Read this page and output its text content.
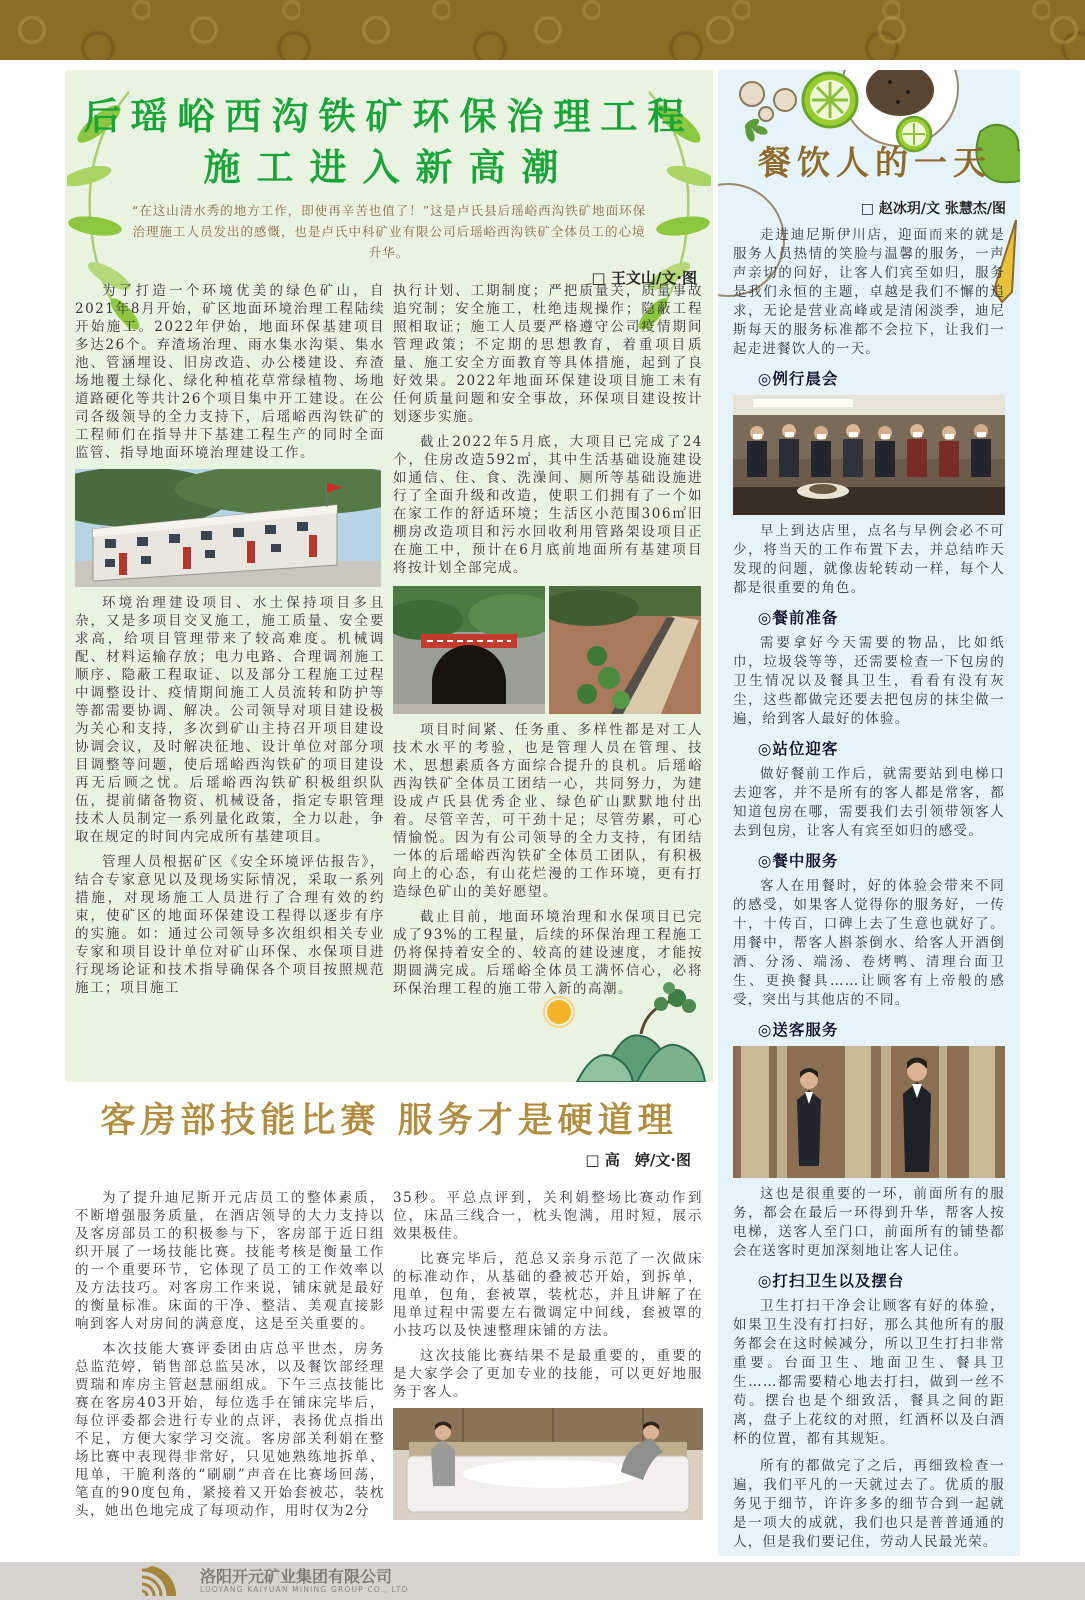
后瑶峪西沟铁矿环保治理工程
施工进入新高潮

“在这山清水秀的地方工作，即使再辛苦也值了！”这是卢氏县后瑶峪西沟铁矿地面环保治理施工人员发出的感慨，也是卢氏中科矿业有限公司后瑶峪西沟铁矿全体员工的心境升华。

□ 王文山/文·图

为了打造一个环境优美的绿色矿山，自2021年8月开始，矿区地面环境治理工程陆续开始施工。2022年伊始，地面环保基建项目多达26个。弃渣场治理、雨水集水沟渠、集水池、管涵埋设、旧房改造、办公楼建设、弃渣场地覆土绿化、绿化种植花草常绿植物、场地道路硬化等共计26个项目集中开工建设。在公司各级领导的全力支持下，后瑶峪西沟铁矿的工程师们在指导井下基建工程生产的同时全面监管、指导地面环境治理建设工作。

环境治理建设项目、水土保持项目多且杂，又是多项目交叉施工，施工质量、安全要求高，给项目管理带来了较高难度。机械调配、材料运输存放；电力电路、合理调剂施工顺序、隐蔽工程取证、以及部分工程施工过程中调整设计、疫情期间施工人员流转和防护等等都需要协调、解决。公司领导对项目建设极为关心和支持，多次到矿山主持召开项目建设协调会议，及时解决征地、设计单位对部分项目调整等问题，使后瑶峪西沟铁矿的项目建设再无后顾之忧。后瑶峪西沟铁矿积极组织队伍，提前储备物资、机械设备，指定专职管理技术人员制定一系列量化政策，全力以赴，争取在规定的时间内完成所有基建项目。

管理人员根据矿区《安全环境评估报告》，结合专家意见以及现场实际情况，采取一系列措施，对现场施工人员进行了合理有效的约束，使矿区的地面环保建设工程得以逐步有序的实施。如：通过公司领导多次组织相关专业专家和项目设计单位对矿山环保、水保项目进行现场论证和技术指导确保各个项目按照规范施工；项目施工

执行计划、工期制度；严把质量关，质量事故追究制；安全施工，杜绝违规操作；隐蔽工程照相取证；施工人员要严格遵守公司疫情期间管理政策；不定期的思想教育，着重项目质量、施工安全方面教育等具体措施，起到了良好效果。2022年地面环保建设项目施工未有任何质量问题和安全事故，环保项目建设按计划逐步实施。

截止2022年5月底，大项目已完成了24个，住房改造592㎡，其中生活基础设施建设如通信、住、食、洗澡间、厕所等基础设施进行了全面升级和改造，使职工们拥有了一个如在家工作的舒适环境；生活区小范围306㎡旧棚房改造项目和污水回收利用管路架设项目正在施工中，预计在6月底前地面所有基建项目将按计划全部完成。

项目时间紧、任务重、多样性都是对工人技术水平的考验，也是管理人员在管理、技术、思想素质各方面综合提升的良机。后瑶峪西沟铁矿全体员工团结一心，共同努力，为建设成卢氏县优秀企业、绿色矿山默默地付出着。尽管辛苦，可干劲十足；尽管劳累，可心情愉悦。因为有公司领导的全力支持，有团结一体的后瑶峪西沟铁矿全体员工团队，有积极向上的心态，有山花烂漫的工作环境，更有打造绿色矿山的美好愿望。

截止目前，地面环境治理和水保项目已完成了93%的工程量，后续的环保治理工程施工仍将保持着安全的、较高的建设速度，才能按期圆满完成。后瑶峪全体员工满怀信心，必将环保治理工程的施工带入新的高潮。

餐饮人的一天
□ 赵冰玥/文 张慧杰/图

走进迪尼斯伊川店，迎面而来的就是服务人员热情的笑脸与温馨的服务，一声声亲切的问好，让客人们宾至如归，服务是我们永恒的主题，卓越是我们不懈的追求，无论是营业高峰或是清闲淡季，迪尼斯每天的服务标准都不会拉下，让我们一起走进餐饮人的一天。

◎例行晨会

早上到达店里，点名与早例会必不可少，将当天的工作布置下去，并总结昨天发现的问题，就像齿轮转动一样，每个人都是很重要的角色。

◎餐前准备

需要拿好今天需要的物品，比如纸巾，垃圾袋等等，还需要检查一下包房的卫生情况以及餐具卫生，看看有没有灰尘，这些都做完还要去把包房的抹尘做一遍，给到客人最好的体验。

◎站位迎客

做好餐前工作后，就需要站到电梯口去迎客，并不是所有的客人都是常客，都知道包房在哪，需要我们去引领带领客人去到包房，让客人有宾至如归的感受。

◎餐中服务

客人在用餐时，好的体验会带来不同的感受，如果客人觉得你的服务好，一传十，十传百，口碑上去了生意也就好了。用餐中，帮客人斟茶倒水、给客人开酒倒酒、分汤、端汤、卷烤鸭、清理台面卫生、更换餐具……让顾客有上帝般的感受，突出与其他店的不同。

◎送客服务

这也是很重要的一环，前面所有的服务，都会在最后一环得到升华，帮客人按电梯，送客人至门口，前面所有的铺垫都会在送客时更加深刻地让客人记住。

◎打扫卫生以及摆台

卫生打扫干净会让顾客有好的体验，如果卫生没有打扫好，那么其他所有的服务都会在这时候减分，所以卫生打扫非常重要。台面卫生、地面卫生、餐具卫生……都需要精心地去打扫，做到一丝不苟。摆台也是个细致活，餐具之间的距离，盘子上花纹的对照，红酒杯以及白酒杯的位置，都有其规矩。

所有的都做完了之后，再细致检查一遍，我们平凡的一天就过去了。优质的服务见于细节，许许多多的细节合到一起就是一项大的成就，我们也只是普普通通的人，但是我们要记住，劳动人民最光荣。

客房部技能比赛 服务才是硬道理
□ 高　婷/文·图

为了提升迪尼斯开元店员工的整体素质，不断增强服务质量，在酒店领导的大力支持以及客房部员工的积极参与下，客房部于近日组织开展了一场技能比赛。技能考核是衡量工作的一个重要环节，它体现了员工的工作效率以及方法技巧。对客房工作来说，铺床就是最好的衡量标准。床面的干净、整洁、美观直接影响到客人对房间的满意度，这是至关重要的。

本次技能大赛评委团由店总平世杰，房务总监范婷，销售部总监吴冰，以及餐饮部经理贾瑞和库房主管赵慧丽组成。下午三点技能比赛在客房403开始，每位选手在铺床完毕后，每位评委都会进行专业的点评，表扬优点指出不足，方便大家学习交流。客房部关利娟在整场比赛中表现得非常好，只见她熟练地拆单、甩单，干脆利落的“刷刷”声音在比赛场回荡，笔直的90度包角，紧接着又开始套被芯，装枕头，她出色地完成了每项动作，用时仅为2分

35秒。平总点评到，关利娟整场比赛动作到位，床品三线合一，枕头饱满，用时短，展示效果极佳。

比赛完毕后，范总又亲身示范了一次做床的标准动作，从基础的叠被芯开始，到拆单，甩单，包角，套被罩，装枕芯，并且讲解了在甩单过程中需要左右微调定中间线，套被罩的小技巧以及快速整理床铺的方法。

这次技能比赛结果不是最重要的，重要的是大家学会了更加专业的技能，可以更好地服务于客人。

洛阳开元矿业集团有限公司
LUOYANG KAIYUAN MINING GROUP CO., LTD
